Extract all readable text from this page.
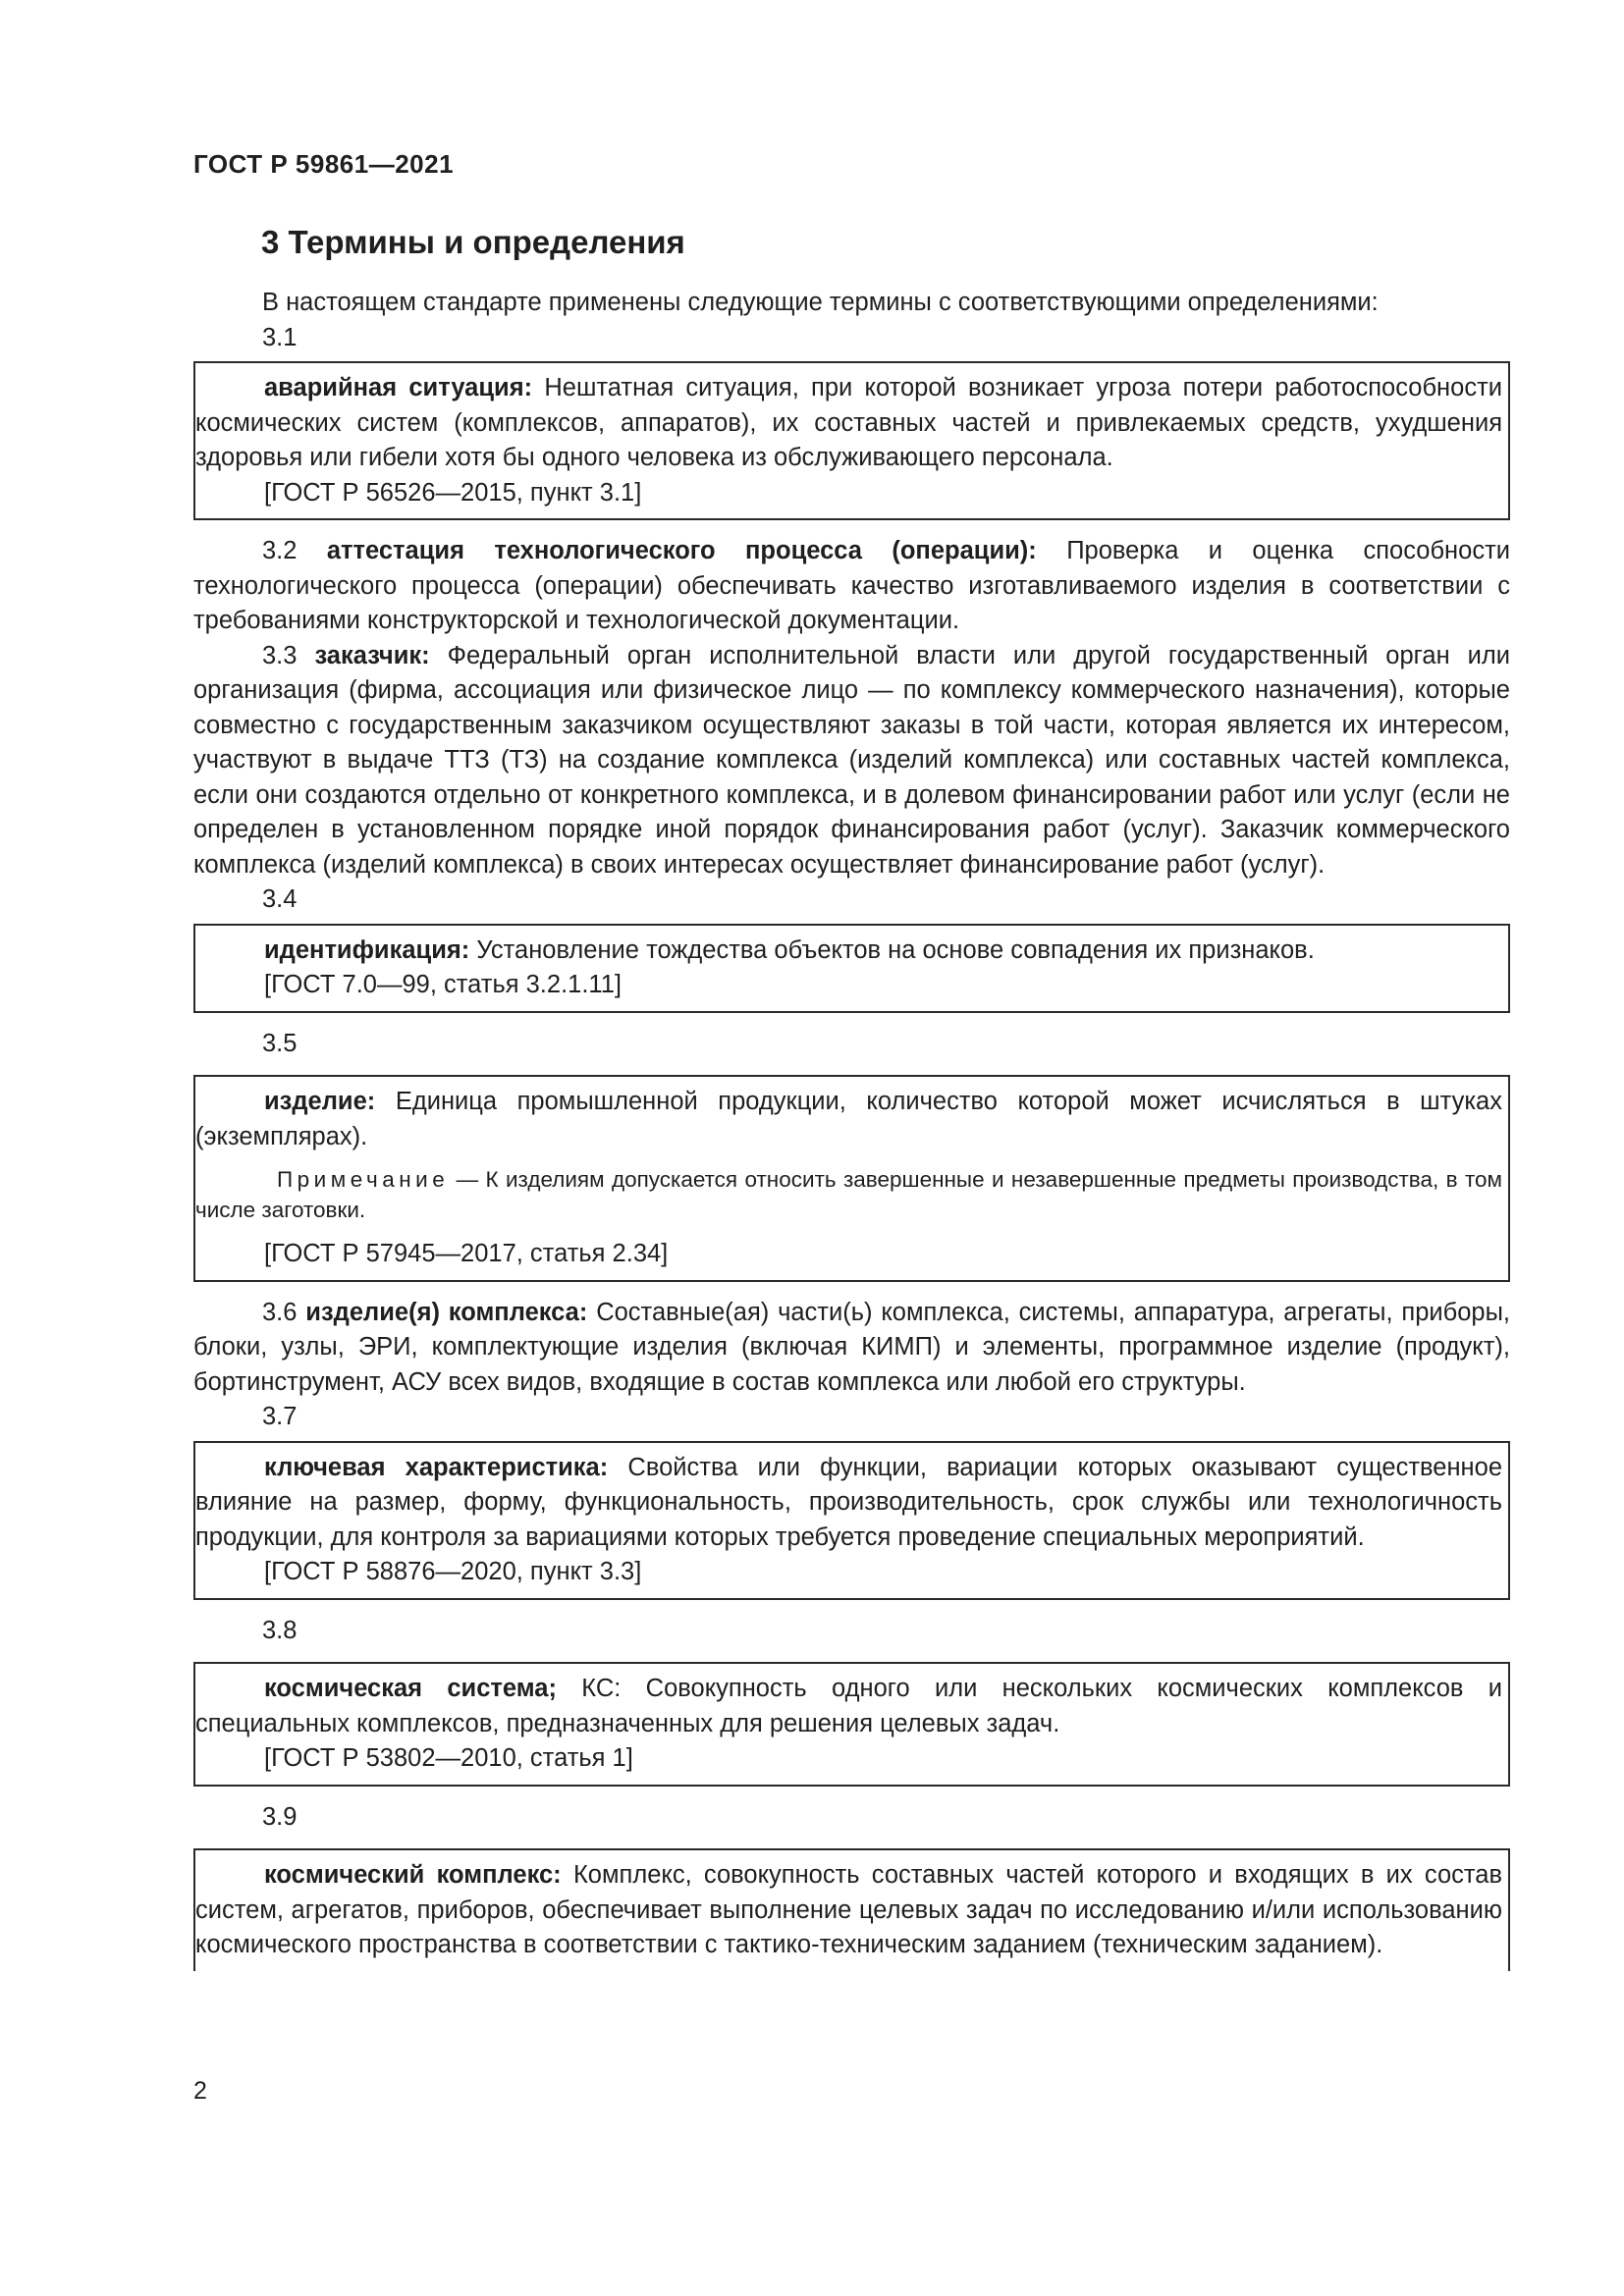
ГОСТ Р 59861—2021
3 Термины и определения

В настоящем стандарте применены следующие термины с соответствующими определениями:

3.1

аварийная ситуация: Нештатная ситуация, при которой возникает угроза потери работоспособности космических систем (комплексов, аппаратов), их составных частей и привлекаемых средств, ухудшения здоровья или гибели хотя бы одного человека из обслуживающего персонала.

[ГОСТ Р 56526—2015, пункт 3.1]

3.2 аттестация технологического процесса (операции): Проверка и оценка способности технологического процесса (операции) обеспечивать качество изготавливаемого изделия в соответствии с требованиями конструкторской и технологической документации.

3.3 заказчик: Федеральный орган исполнительной власти или другой государственный орган или организация (фирма, ассоциация или физическое лицо — по комплексу коммерческого назначения), которые совместно с государственным заказчиком осуществляют заказы в той части, которая является их интересом, участвуют в выдаче ТТЗ (ТЗ) на создание комплекса (изделий комплекса) или составных частей комплекса, если они создаются отдельно от конкретного комплекса, и в долевом финансировании работ или услуг (если не определен в установленном порядке иной порядок финансирования работ (услуг). Заказчик коммерческого комплекса (изделий комплекса) в своих интересах осуществляет финансирование работ (услуг).

3.4

идентификация: Установление тождества объектов на основе совпадения их признаков.

[ГОСТ 7.0—99, статья 3.2.1.11]

3.5

изделие: Единица промышленной продукции, количество которой может исчисляться в штуках (экземплярах).

Примечание — К изделиям допускается относить завершенные и незавершенные предметы производства, в том числе заготовки.

[ГОСТ Р 57945—2017, статья 2.34]

3.6 изделие(я) комплекса: Составные(ая) части(ь) комплекса, системы, аппаратура, агрегаты, приборы, блоки, узлы, ЭРИ, комплектующие изделия (включая КИМП) и элементы, программное изделие (продукт), бортинструмент, АСУ всех видов, входящие в состав комплекса или любой его структуры.

3.7

ключевая характеристика: Свойства или функции, вариации которых оказывают существенное влияние на размер, форму, функциональность, производительность, срок службы или технологичность продукции, для контроля за вариациями которых требуется проведение специальных мероприятий.

[ГОСТ Р 58876—2020, пункт 3.3]

3.8

космическая система; КС: Совокупность одного или нескольких космических комплексов и специальных комплексов, предназначенных для решения целевых задач.

[ГОСТ Р 53802—2010, статья 1]

3.9

космический комплекс: Комплекс, совокупность составных частей которого и входящих в их состав систем, агрегатов, приборов, обеспечивает выполнение целевых задач по исследованию и/или использованию космического пространства в соответствии с тактико-техническим заданием (техническим заданием).

2
